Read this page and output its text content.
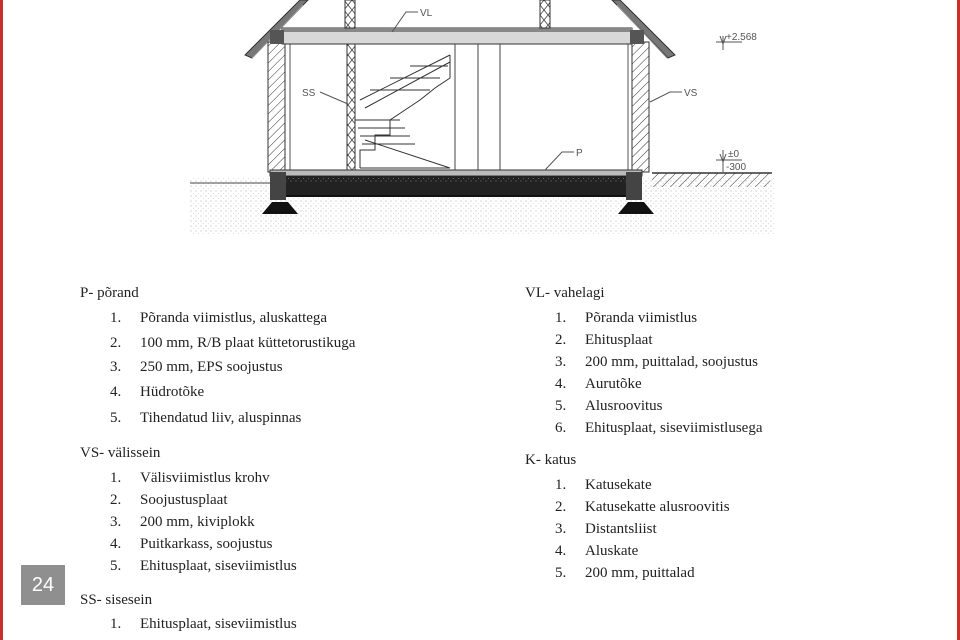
VL
SS	VS
P
+2.568
±0
-300
P- põrand
1. Põranda viimistlus, aluskattega
2. 100 mm, R/B plaat küttetorustikuga
3. 250 mm, EPS soojustus
4. Hüdrotõke
5. Tihendatud liiv, aluspinnas
VS- välissein
1. Välisviimistlus krohv
2. Soojustusplaat
3. 200 mm, kiviplokk
4. Puitkarkass, soojustus
5. Ehitusplaat, siseviimistlus
SS- sisesein
1. Ehitusplaat, siseviimistlus
VL- vahelagi
1. Põranda viimistlus
2. Ehitusplaat
3. 200 mm, puittalad, soojustus
4. Aurutõke
5. Alusroovitus
6. Ehitusplaat, siseviimistlusega
K- katus
1. Katusekate
2. Katusekatte alusroovitis
3. Distantsliist
4. Aluskate
5. 200 mm, puittalad
24
